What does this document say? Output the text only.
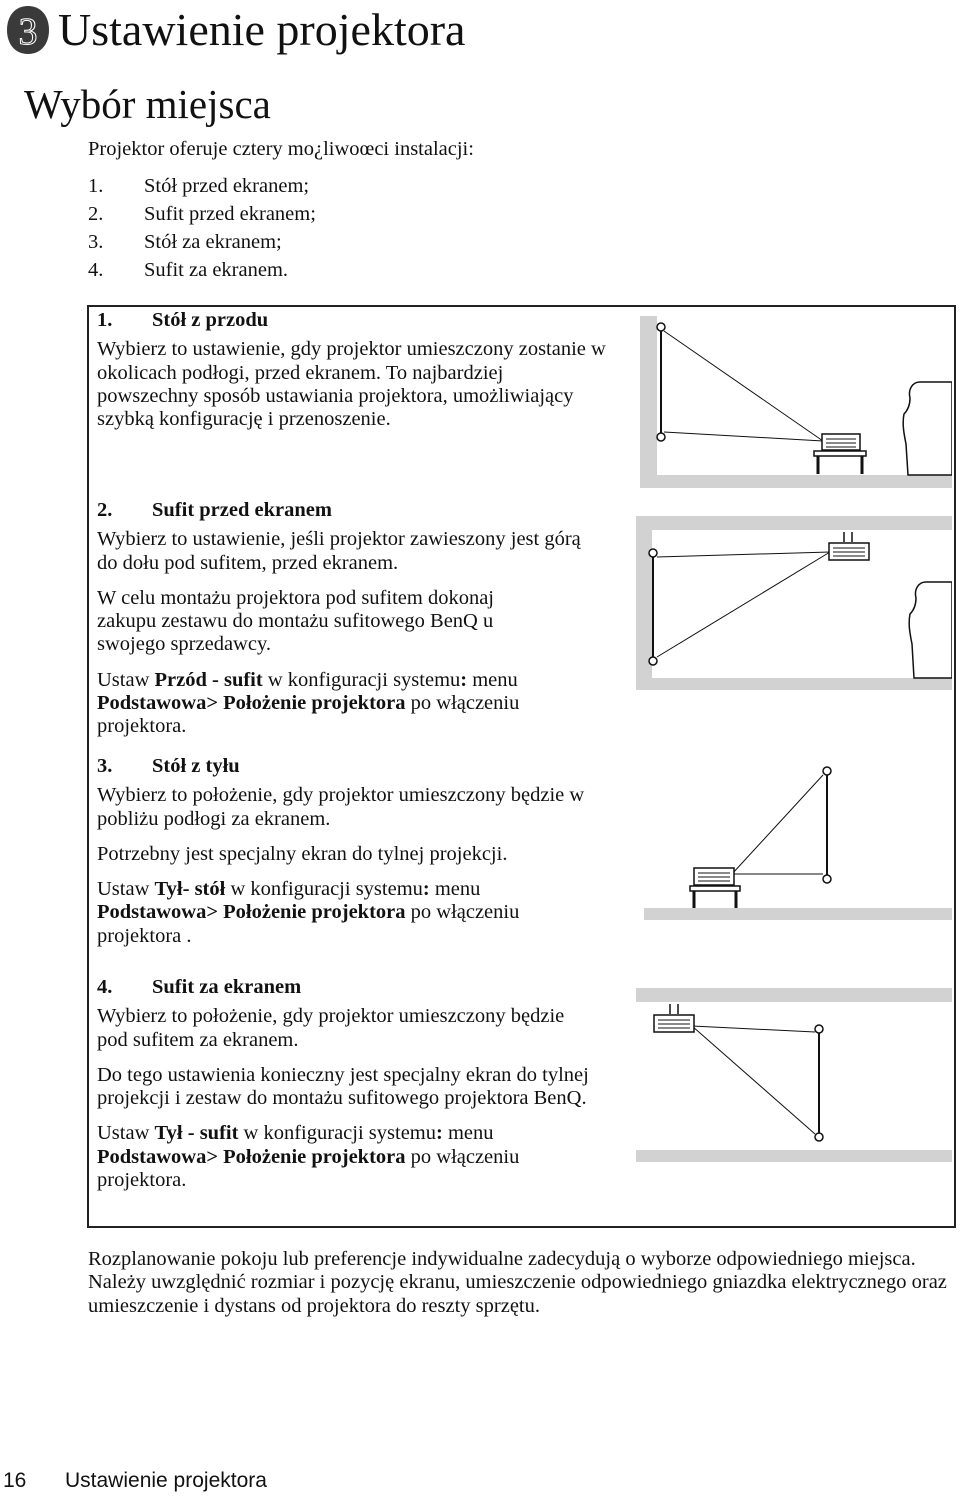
3 Ustawienie projektora
Wybór miejsca
Projektor oferuje cztery mo¿liwoœci instalacji:
1. Stół przed ekranem;
2. Sufit przed ekranem;
3. Stół za ekranem;
4. Sufit za ekranem.
1. Stół z przodu

Wybierz to ustawienie, gdy projektor umieszczony zostanie w okolicach podłogi, przed ekranem. To najbardziej powszechny sposób ustawiania projektora, umożliwiający szybką konfigurację i przenoszenie.

2. Sufit przed ekranem

Wybierz to ustawienie, jeśli projektor zawieszony jest górą do dołu pod sufitem, przed ekranem.

W celu montażu projektora pod sufitem dokonaj zakupu zestawu do montażu sufitowego BenQ u swojego sprzedawcy.

Ustaw Przód - sufit w konfiguracji systemu: menu Podstawowa> Położenie projektora po włączeniu projektora.

3. Stół z tyłu

Wybierz to położenie, gdy projektor umieszczony będzie w pobliżu podłogi za ekranem.

Potrzebny jest specjalny ekran do tylnej projekcji.

Ustaw Tył- stół w konfiguracji systemu: menu Podstawowa> Położenie projektora po włączeniu projektora .

4. Sufit za ekranem

Wybierz to położenie, gdy projektor umieszczony będzie pod sufitem za ekranem.

Do tego ustawienia konieczny jest specjalny ekran do tylnej projekcji i zestaw do montażu sufitowego projektora BenQ.

Ustaw Tył - sufit w konfiguracji systemu: menu Podstawowa> Położenie projektora po włączeniu projektora.

Rozplanowanie pokoju lub preferencje indywidualne zadecydują o wyborze odpowiedniego miejsca. Należy uwzględnić rozmiar i pozycję ekranu, umieszczenie odpowiedniego gniazdka elektrycznego oraz umieszczenie i dystans od projektora do reszty sprzętu.

16 Ustawienie projektora
